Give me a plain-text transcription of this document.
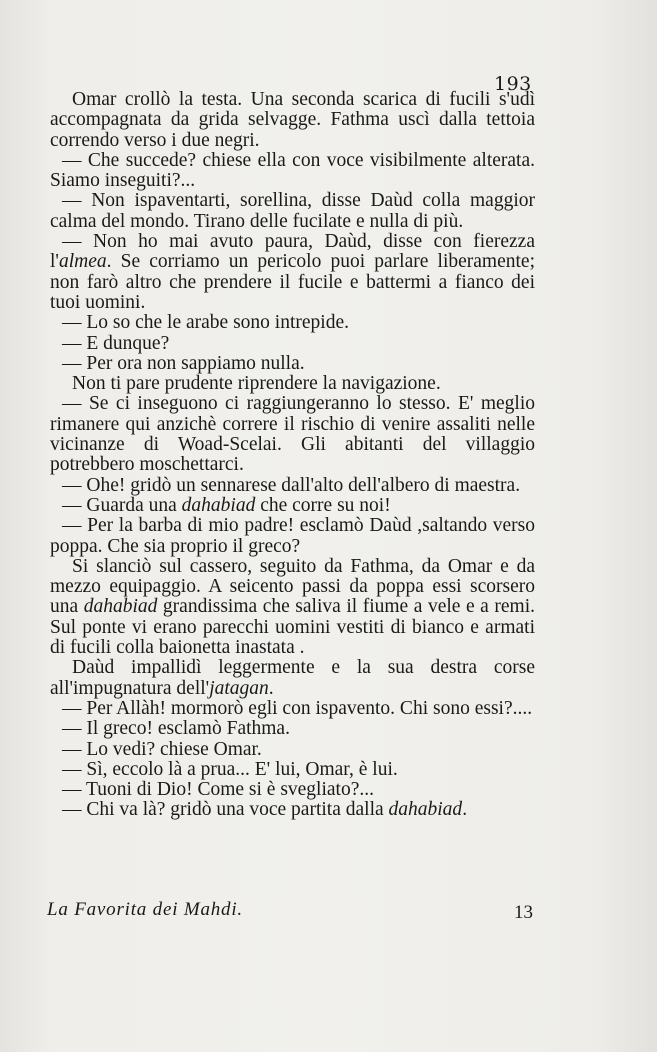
193

Omar crollò la testa. Una seconda scarica di fucili s'udì accompagnata da grida selvagge. Fathma uscì dalla tettoia correndo verso i due negri.

— Che succede? chiese ella con voce visibilmente alterata. Siamo inseguiti?...

— Non ispaventarti, sorellina, disse Daùd colla maggior calma del mondo. Tirano delle fucilate e nulla di più.

— Non ho mai avuto paura, Daùd, disse con fierezza l'almea. Se corriamo un pericolo puoi parlare liberamente; non farò altro che prendere il fucile e battermi a fianco dei tuoi uomini.

— Lo so che le arabe sono intrepide.

— E dunque?

— Per ora non sappiamo nulla.

Non ti pare prudente riprendere la navigazione.

— Se ci inseguono ci raggiungeranno lo stesso. E' meglio rimanere qui anzichè correre il rischio di venire assaliti nelle vicinanze di Woad-Scelai. Gli abitanti del villaggio potrebbero moschettarci.

— Ohe! gridò un sennarese dall'alto dell'albero di maestra.

— Guarda una dahabiad che corre su noi!

— Per la barba di mio padre! esclamò Daùd ,saltando verso poppa. Che sia proprio il greco?

Si slanciò sul cassero, seguito da Fathma, da Omar e da mezzo equipaggio. A seicento passi da poppa essi scorsero una dahabiad grandissima che saliva il fiume a vele e a remi. Sul ponte vi erano parecchi uomini vestiti di bianco e armati di fucili colla baionetta inastata .

Daùd impallidì leggermente e la sua destra corse all'impugnatura dell'jatagan.

— Per Allàh! mormorò egli con ispavento. Chi sono essi?....

— Il greco! esclamò Fathma.

— Lo vedi? chiese Omar.

— Sì, eccolo là a prua... E' lui, Omar, è lui.

— Tuoni di Dio! Come si è svegliato?...

— Chi va là? gridò una voce partita dalla dahabiad.

La Favorita dei Mahdi.	13
